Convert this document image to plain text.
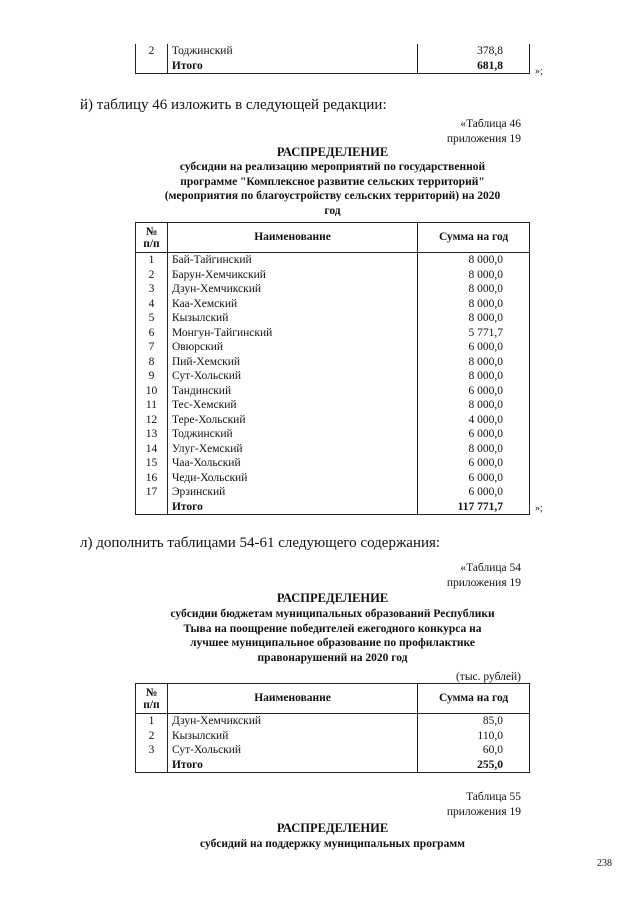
2	Тоджинский	378,8
	Итого	681,8	»;
й) таблицу 46 изложить в следующей редакции:
«Таблица 46
приложения 19
РАСПРЕДЕЛЕНИЕ
субсидии на реализацию мероприятий по государственной
программе "Комплексное развитие сельских территорий"
(мероприятия по благоустройству сельских территорий) на 2020
год
№ п/п	Наименование	Сумма на год
1	Бай-Тайгинский	8 000,0
2	Барун-Хемчикский	8 000,0
3	Дзун-Хемчикский	8 000,0
4	Каа-Хемский	8 000,0
5	Кызылский	8 000,0
6	Монгун-Тайгинский	5 771,7
7	Овюрский	6 000,0
8	Пий-Хемский	8 000,0
9	Сут-Хольский	8 000,0
10	Тандинский	6 000,0
11	Тес-Хемский	8 000,0
12	Тере-Хольский	4 000,0
13	Тоджинский	6 000,0
14	Улуг-Хемский	8 000,0
15	Чаа-Хольский	6 000,0
16	Чеди-Хольский	6 000,0
17	Эрзинский	6 000,0
	Итого	117 771,7	»;
л) дополнить таблицами 54-61 следующего содержания:
«Таблица 54
приложения 19
РАСПРЕДЕЛЕНИЕ
субсидии бюджетам муниципальных образований Республики
Тыва на поощрение победителей ежегодного конкурса на
лучшее муниципальное образование по профилактике
правонарушений на 2020 год
(тыс. рублей)
№ п/п	Наименование	Сумма на год
1	Дзун-Хемчикский	85,0
2	Кызылский	110,0
3	Сут-Хольский	60,0
	Итого	255,0
Таблица 55
приложения 19
РАСПРЕДЕЛЕНИЕ
субсидий на поддержку муниципальных программ
238
